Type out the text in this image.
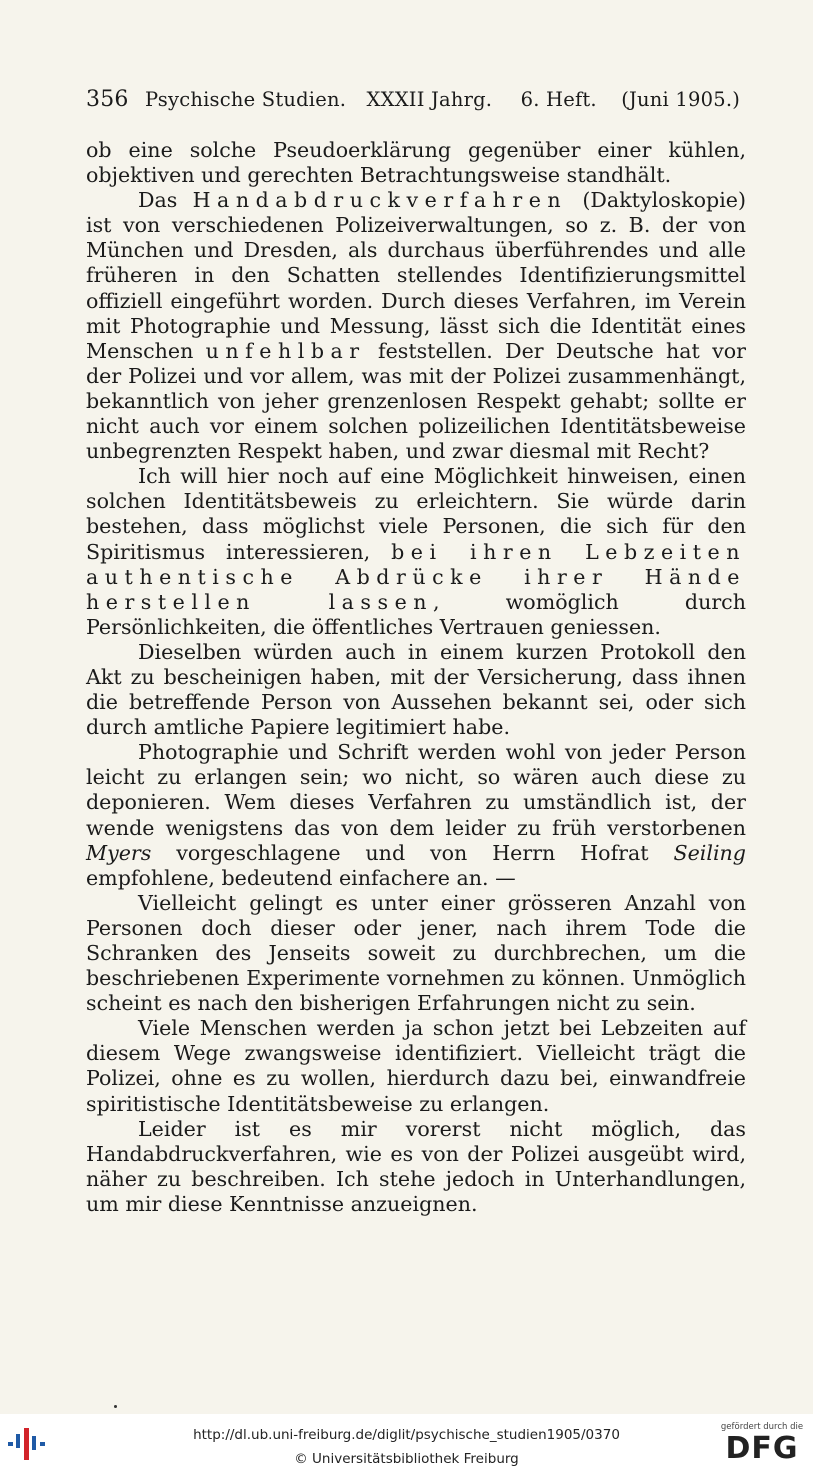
356 Psychische Studien. XXXII Jahrg. 6. Heft. (Juni 1905.)

ob eine solche Pseudoerklärung gegenüber einer kühlen, objektiven und gerechten Betrachtungsweise standhält.

Das Handabdruckverfahren (Daktyloskopie) ist von verschiedenen Polizeiverwaltungen, so z. B. der von München und Dresden, als durchaus überführendes und alle früheren in den Schatten stellendes Identifizierungsmittel offiziell eingeführt worden. Durch dieses Verfahren, im Verein mit Photographie und Messung, lässt sich die Identität eines Menschen unfehlbar feststellen. Der Deutsche hat vor der Polizei und vor allem, was mit der Polizei zusammenhängt, bekanntlich von jeher grenzenlosen Respekt gehabt; sollte er nicht auch vor einem solchen polizeilichen Identitätsbeweise unbegrenzten Respekt haben, und zwar diesmal mit Recht?

Ich will hier noch auf eine Möglichkeit hinweisen, einen solchen Identitätsbeweis zu erleichtern. Sie würde darin bestehen, dass möglichst viele Personen, die sich für den Spiritismus interessieren, bei ihren Lebzeiten authentische Abdrücke ihrer Hände herstellen lassen, womöglich durch Persönlichkeiten, die öffentliches Vertrauen geniessen.

Dieselben würden auch in einem kurzen Protokoll den Akt zu bescheinigen haben, mit der Versicherung, dass ihnen die betreffende Person von Aussehen bekannt sei, oder sich durch amtliche Papiere legitimiert habe.

Photographie und Schrift werden wohl von jeder Person leicht zu erlangen sein; wo nicht, so wären auch diese zu deponieren. Wem dieses Verfahren zu umständlich ist, der wende wenigstens das von dem leider zu früh verstorbenen Myers vorgeschlagene und von Herrn Hofrat Seiling empfohlene, bedeutend einfachere an. —

Vielleicht gelingt es unter einer grösseren Anzahl von Personen doch dieser oder jener, nach ihrem Tode die Schranken des Jenseits soweit zu durchbrechen, um die beschriebenen Experimente vornehmen zu können. Unmöglich scheint es nach den bisherigen Erfahrungen nicht zu sein.

Viele Menschen werden ja schon jetzt bei Lebzeiten auf diesem Wege zwangsweise identifiziert. Vielleicht trägt die Polizei, ohne es zu wollen, hierdurch dazu bei, einwandfreie spiritistische Identitätsbeweise zu erlangen.

Leider ist es mir vorerst nicht möglich, das Handabdruckverfahren, wie es von der Polizei ausgeübt wird, näher zu beschreiben. Ich stehe jedoch in Unterhandlungen, um mir diese Kenntnisse anzueignen.

http://dl.ub.uni-freiburg.de/diglit/psychische_studien1905/0370
© Universitätsbibliothek Freiburg
gefördert durch die
DFG
